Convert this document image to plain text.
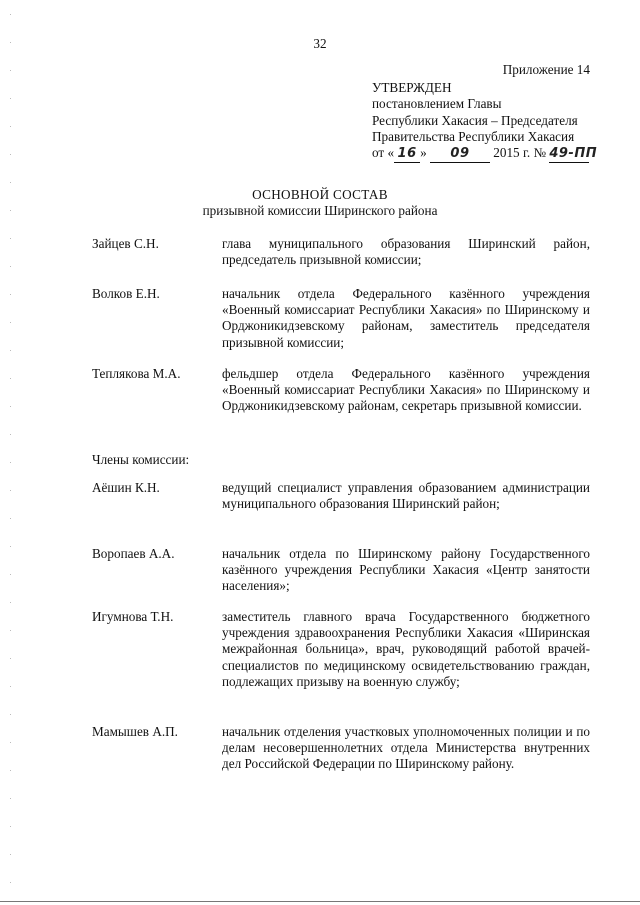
32
Приложение 14
УТВЕРЖДЕН
постановлением Главы
Республики Хакасия – Председателя
Правительства Республики Хакасия
от « 16 » 09 2015 г. № 49-ПП
ОСНОВНОЙ СОСТАВ
призывной комиссии Ширинского района
Зайцев С.Н.	глава муниципального образования Ширинский район, председатель призывной комиссии;
Волков Е.Н.	начальник отдела Федерального казённого учреждения «Военный комиссариат Республики Хакасия» по Ширинскому и Орджоникидзевскому районам, заместитель председателя призывной комиссии;
Теплякова М.А.	фельдшер отдела Федерального казённого учреждения «Военный комиссариат Республики Хакасия» по Ширинскому и Орджоникидзевскому районам, секретарь призывной комиссии.
Члены комиссии:
Аёшин К.Н.	ведущий специалист управления образованием администрации муниципального образования Ширинский район;
Воропаев А.А.	начальник отдела по Ширинскому району Государственного казённого учреждения Республики Хакасия «Центр занятости населения»;
Игумнова Т.Н.	заместитель главного врача Государственного бюджетного учреждения здравоохранения Республики Хакасия «Ширинская межрайонная больница», врач, руководящий работой врачей-специалистов по медицинскому освидетельствованию граждан, подлежащих призыву на военную службу;
Мамышев А.П.	начальник отделения участковых уполномоченных полиции и по делам несовершеннолетних отдела Министерства внутренних дел Российской Федерации по Ширинскому району.
